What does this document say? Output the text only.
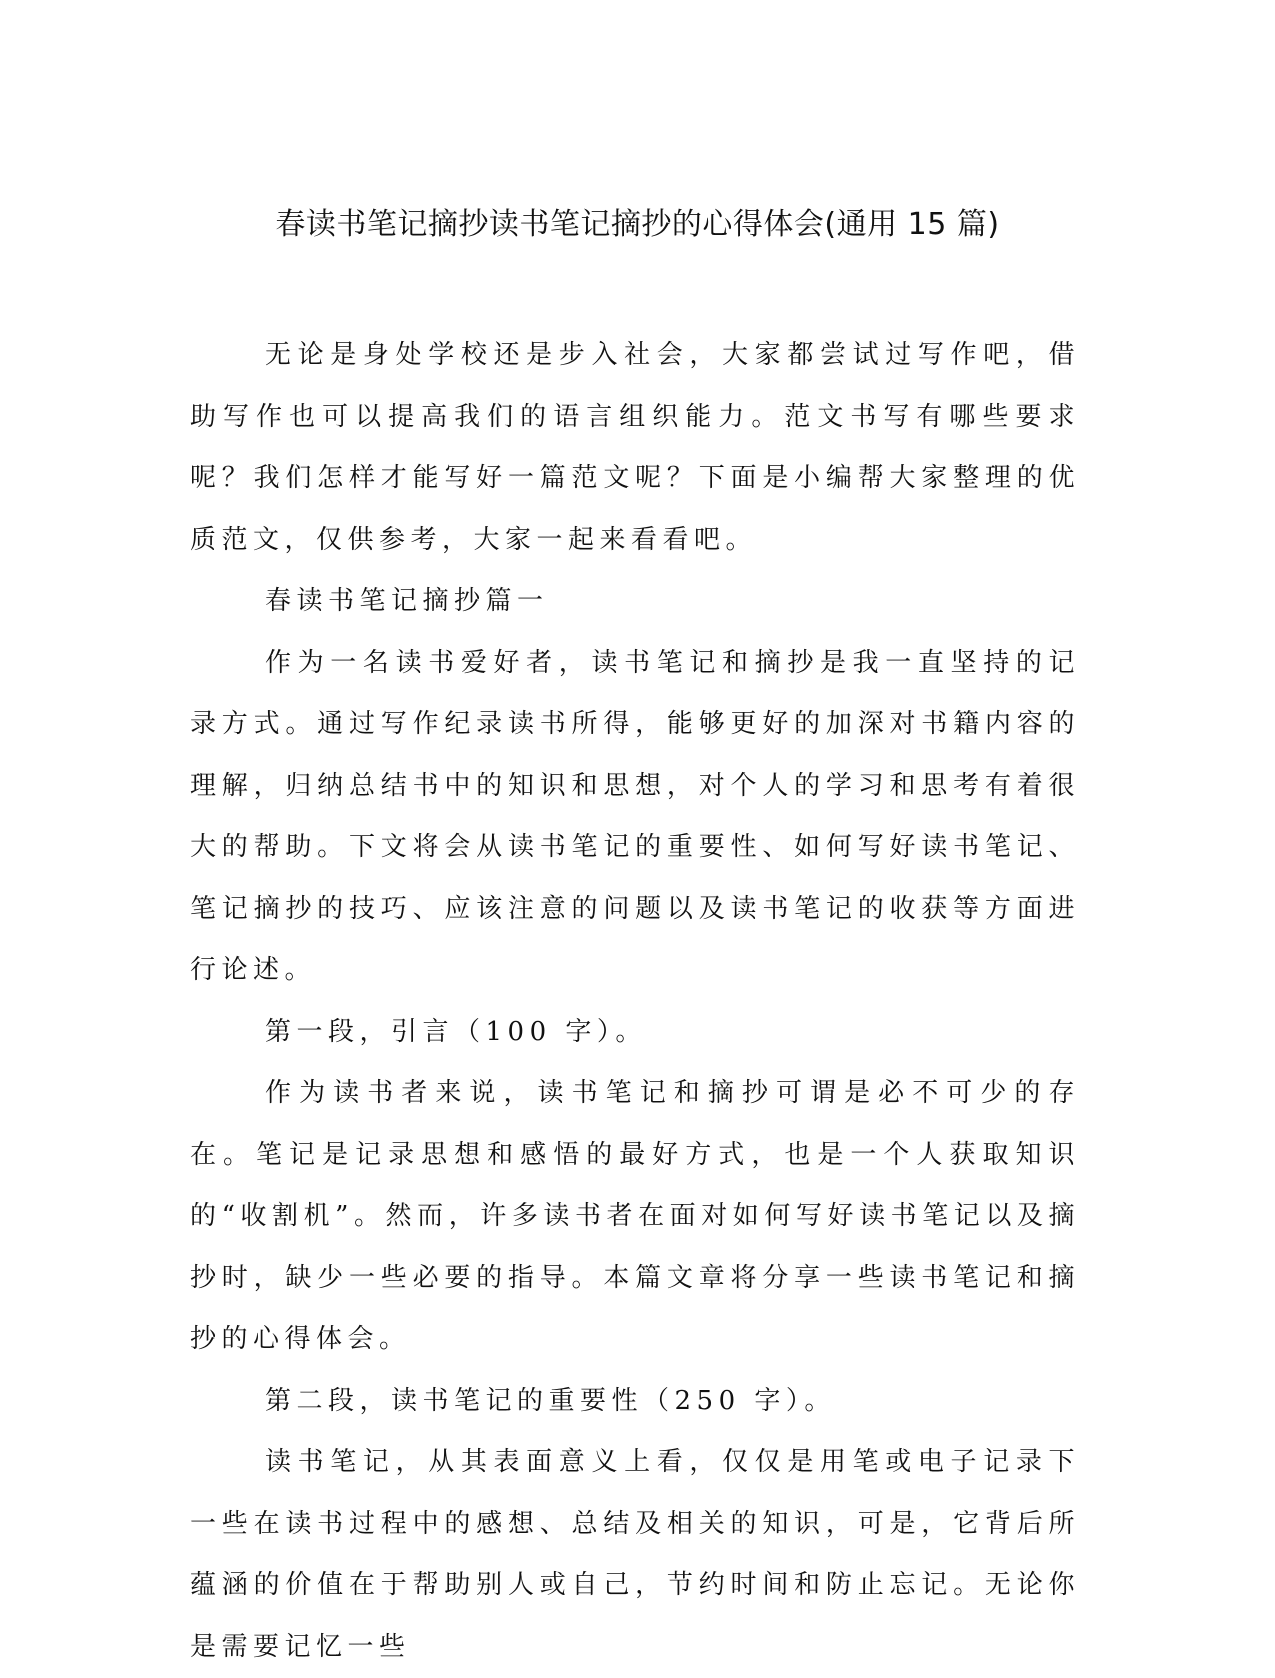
春读书笔记摘抄读书笔记摘抄的心得体会(通用 15 篇)

无论是身处学校还是步入社会，大家都尝试过写作吧，借助写作也可以提高我们的语言组织能力。范文书写有哪些要求呢？我们怎样才能写好一篇范文呢？下面是小编帮大家整理的优质范文，仅供参考，大家一起来看看吧。

春读书笔记摘抄篇一

作为一名读书爱好者，读书笔记和摘抄是我一直坚持的记录方式。通过写作纪录读书所得，能够更好的加深对书籍内容的理解，归纳总结书中的知识和思想，对个人的学习和思考有着很大的帮助。下文将会从读书笔记的重要性、如何写好读书笔记、笔记摘抄的技巧、应该注意的问题以及读书笔记的收获等方面进行论述。

第一段，引言（100 字）。

作为读书者来说，读书笔记和摘抄可谓是必不可少的存在。笔记是记录思想和感悟的最好方式，也是一个人获取知识的“收割机”。然而，许多读书者在面对如何写好读书笔记以及摘抄时，缺少一些必要的指导。本篇文章将分享一些读书笔记和摘抄的心得体会。

第二段，读书笔记的重要性（250 字）。

读书笔记，从其表面意义上看，仅仅是用笔或电子记录下一些在读书过程中的感想、总结及相关的知识，可是，它背后所蕴涵的价值在于帮助别人或自己，节约时间和防止忘记。无论你是需要记忆一些
